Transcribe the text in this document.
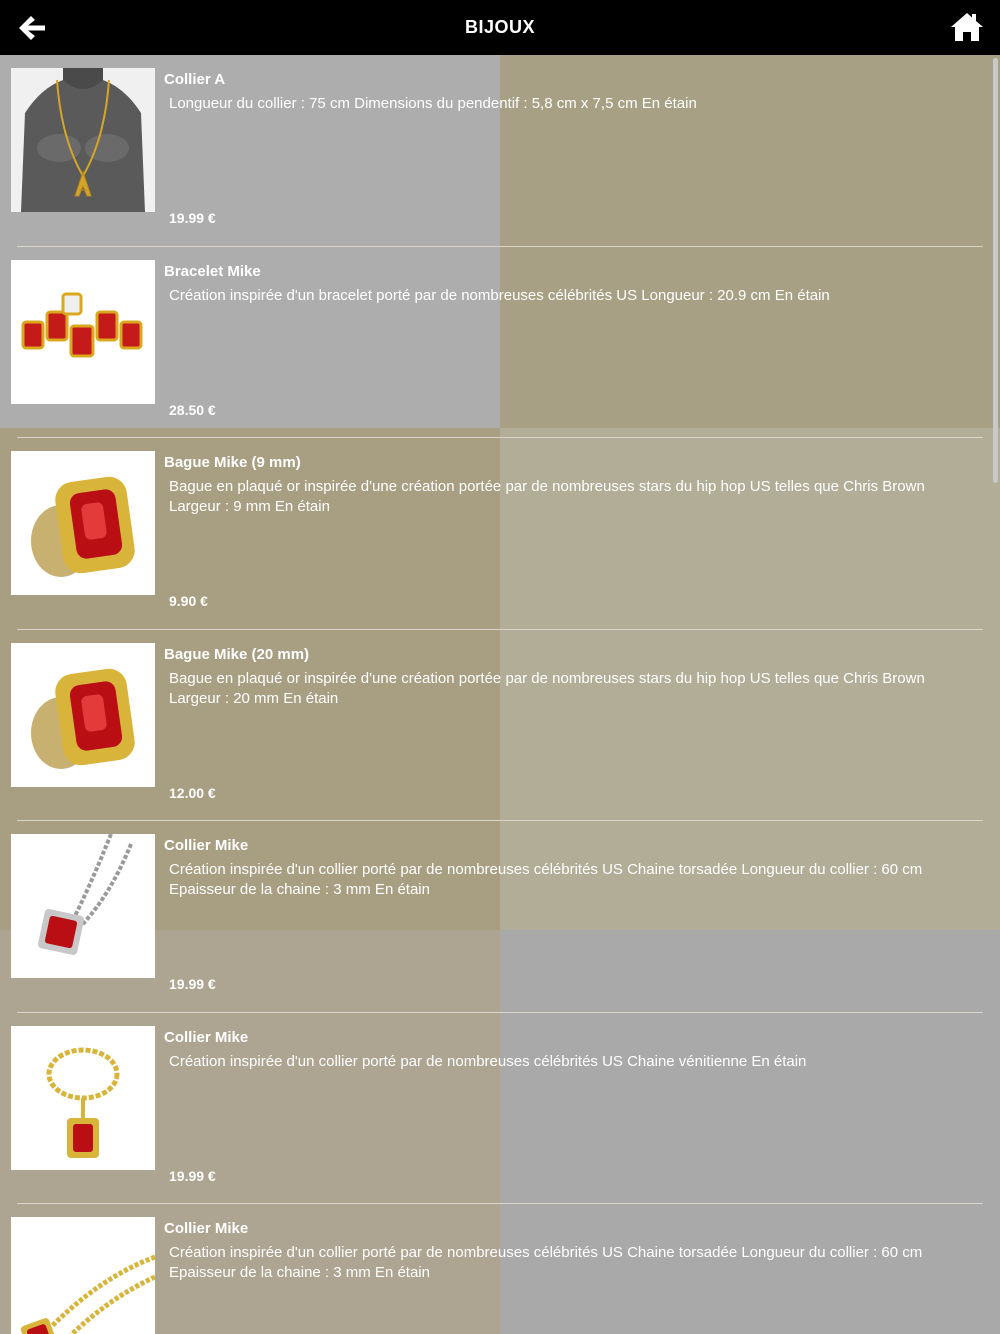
BIJOUX
Collier A
Longueur du collier : 75 cm Dimensions du pendentif : 5,8 cm x 7,5 cm En étain
19.99 €
Bracelet Mike
Création inspirée d'un bracelet porté par de nombreuses célébrités US Longueur : 20.9 cm En étain
28.50 €
Bague Mike (9 mm)
Bague en plaqué or inspirée d'une création portée par de nombreuses stars du hip hop US telles que Chris Brown Largeur : 9 mm En étain
9.90 €
Bague Mike (20 mm)
Bague en plaqué or inspirée d'une création portée par de nombreuses stars du hip hop US telles que Chris Brown Largeur : 20 mm En étain
12.00 €
Collier Mike
Création inspirée d'un collier porté par de nombreuses célébrités US Chaine torsadée Longueur du collier : 60 cm Epaisseur de la chaine : 3 mm En étain
19.99 €
Collier Mike
Création inspirée d'un collier porté par de nombreuses célébrités US Chaine vénitienne En étain
19.99 €
Collier Mike
Création inspirée d'un collier porté par de nombreuses célébrités US Chaine torsadée Longueur du collier : 60 cm Epaisseur de la chaine : 3 mm En étain
